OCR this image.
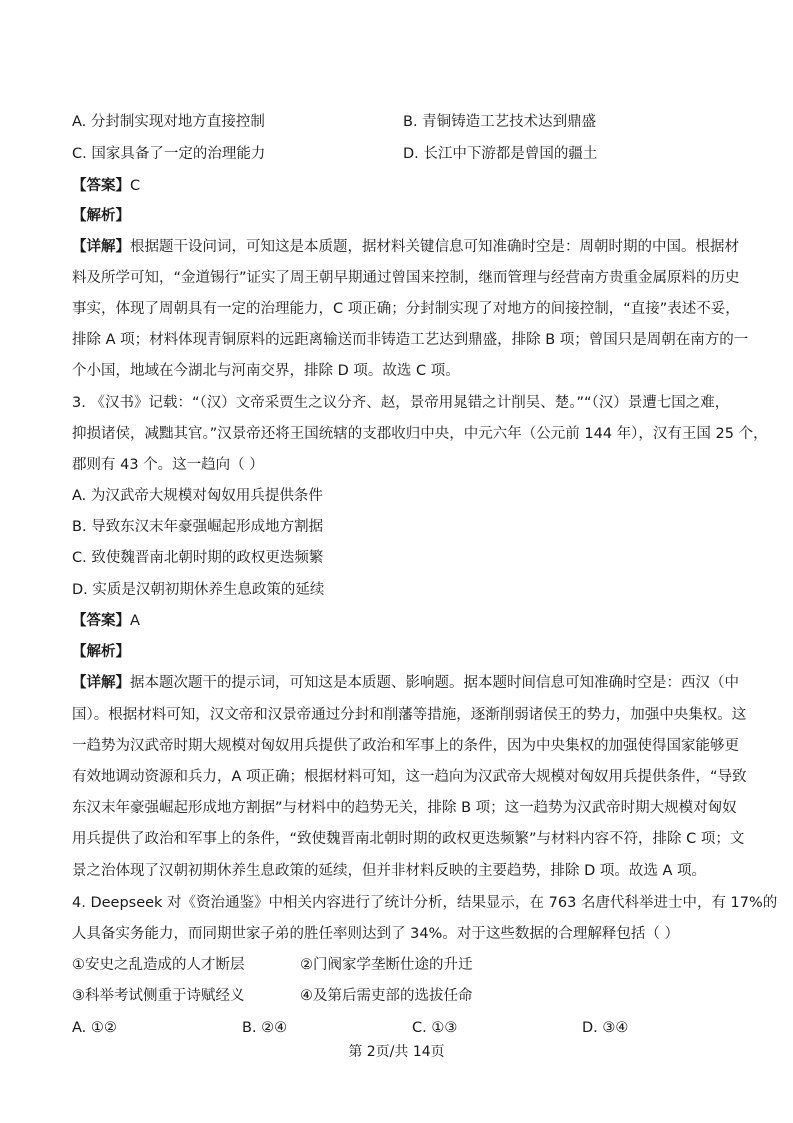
A. 分封制实现对地方直接控制	B. 青铜铸造工艺技术达到鼎盛
C. 国家具备了一定的治理能力	D. 长江中下游都是曾国的疆土
【答案】C
【解析】
【详解】根据题干设问词，可知这是本质题，据材料关键信息可知准确时空是：周朝时期的中国。根据材
料及所学可知，“金道锡行”证实了周王朝早期通过曾国来控制，继而管理与经营南方贵重金属原料的历史
事实，体现了周朝具有一定的治理能力，C 项正确；分封制实现了对地方的间接控制，“直接”表述不妥，
排除 A 项；材料体现青铜原料的远距离输送而非铸造工艺达到鼎盛，排除 B 项；曾国只是周朝在南方的一
个小国，地域在今湖北与河南交界，排除 D 项。故选 C 项。
3. 《汉书》记载：“（汉）文帝采贾生之议分齐、赵，景帝用晁错之计削吴、楚。”“（汉）景遭七国之难，
抑损诸侯，减黜其官。”汉景帝还将王国统辖的支郡收归中央，中元六年（公元前 144 年），汉有王国 25 个，
郡则有 43 个。这一趋向（ ）
A. 为汉武帝大规模对匈奴用兵提供条件
B. 导致东汉末年豪强崛起形成地方割据
C. 致使魏晋南北朝时期的政权更迭频繁
D. 实质是汉朝初期休养生息政策的延续
【答案】A
【解析】
【详解】据本题次题干的提示词，可知这是本质题、影响题。据本题时间信息可知准确时空是：西汉（中
国）。根据材料可知，汉文帝和汉景帝通过分封和削藩等措施，逐渐削弱诸侯王的势力，加强中央集权。这
一趋势为汉武帝时期大规模对匈奴用兵提供了政治和军事上的条件，因为中央集权的加强使得国家能够更
有效地调动资源和兵力，A 项正确；根据材料可知，这一趋向为汉武帝大规模对匈奴用兵提供条件，“导致
东汉末年豪强崛起形成地方割据”与材料中的趋势无关，排除 B 项；这一趋势为汉武帝时期大规模对匈奴
用兵提供了政治和军事上的条件，“致使魏晋南北朝时期的政权更迭频繁”与材料内容不符，排除 C 项；文
景之治体现了汉朝初期休养生息政策的延续，但并非材料反映的主要趋势，排除 D 项。故选 A 项。
4. Deepseek 对《资治通鉴》中相关内容进行了统计分析，结果显示，在 763 名唐代科举进士中，有 17%的
人具备实务能力，而同期世家子弟的胜任率则达到了 34%。对于这些数据的合理解释包括（ ）
①安史之乱造成的人才断层	②门阀家学垄断仕途的升迁
③科举考试侧重于诗赋经义	④及第后需吏部的选拔任命
A. ①②	B. ②④	C. ①③	D. ③④
第 2页/共 14页
